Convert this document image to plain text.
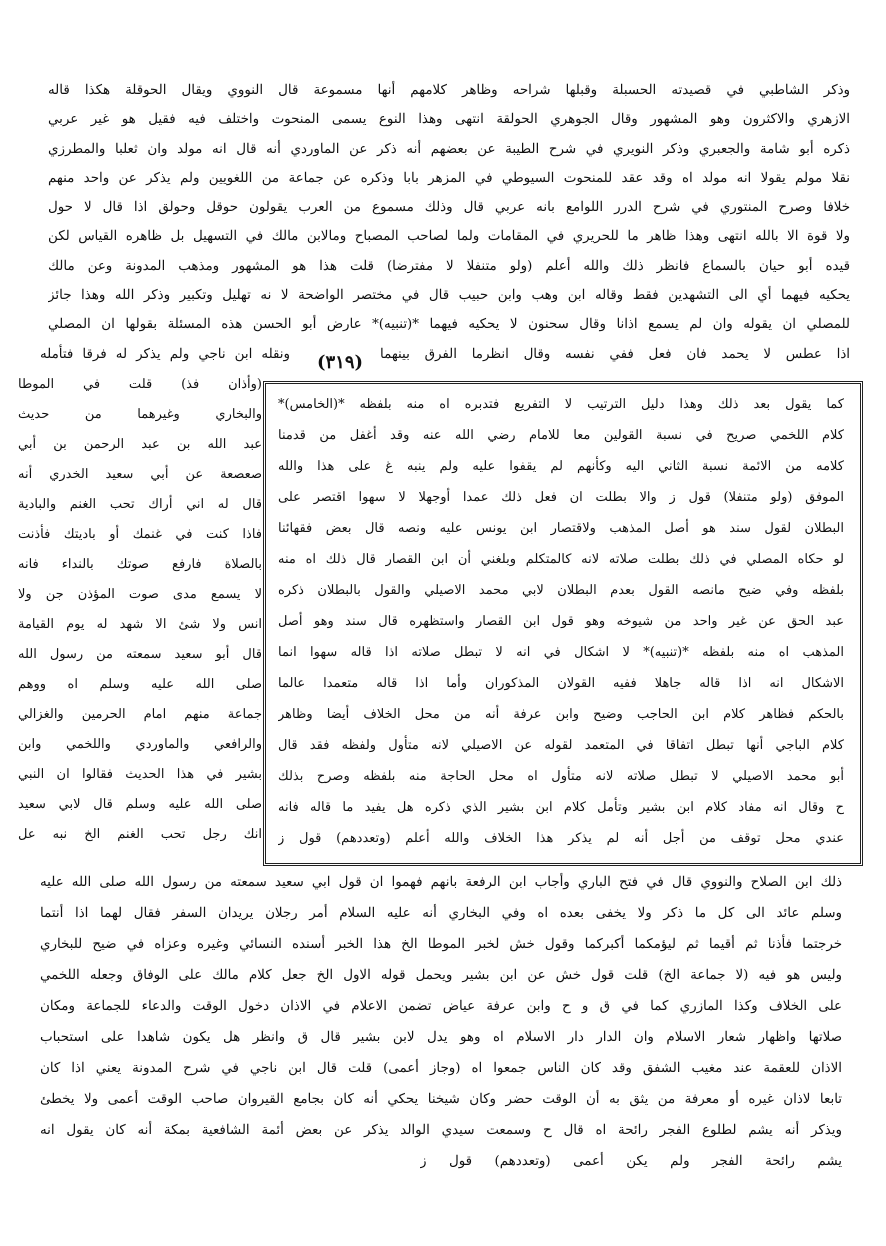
وذكر الشاطبي في قصيدته الحسبلة وقبلها شراحه وظاهر كلامهم أنها مسموعة قال النووي ويقال الحوقلة هكذا قاله
الازهري والاكثرون وهو المشهور وقال الجوهري الحولقة انتهى وهذا النوع يسمى المنحوت واختلف فيه فقيل هو غير عربي
ذكره أبو شامة والجعبري وذكر النويري في شرح الطيبة عن بعضهم أنه ذكر عن الماوردي أنه قال انه مولد وان ثعلبا والمطرزي
نقلا مولم يقولا انه مولد اه وقد عقد للمنحوت السيوطي في المزهر بابا وذكره عن جماعة من اللغويين ولم يذكر عن واحد منهم
خلافا وصرح المنتوري في شرح الدرر اللوامع بانه عربي قال وذلك مسموع من العرب يقولون حوقل وحولق اذا قال لا حول
ولا قوة الا بالله انتهى وهذا ظاهر ما للحريري في المقامات ولما لصاحب المصباح ومالابن مالك في التسهيل بل ظاهره القياس لكن
قيده أبو حيان بالسماع فانظر ذلك والله أعلم (ولو متنفلا لا مفترضا) قلت هذا هو المشهور ومذهب المدونة وعن مالك
يحكيه فيهما أي الى التشهدين فقط وقاله ابن وهب وابن حبيب قال في مختصر الواضحة لا نه تهليل وتكبير وذكر الله وهذا جائز
للمصلي ان يقوله وان لم يسمع اذانا وقال سحنون لا يحكيه فيهما *(تنبيه)* عارض أبو الحسن هذه المسئلة بقولها ان المصلي
اذا عطس لا يحمد فان فعل ففي نفسه وقال انظرما الفرق بينهما
ونقله ابن ناجي ولم يذكر له فرقا فتأمله	(٣١٩)
(وأذان فذ) قلت في الموطا
والبخاري وغيرهما من حديث
عبد الله بن عبد الرحمن بن أبي
صعصعة عن أبي سعيد الخدري أنه
قال له اني أراك تحب الغنم والبادية
فاذا كنت في غنمك أو باديتك فأذنت
بالصلاة فارفع صوتك بالنداء فانه
لا يسمع مدى صوت المؤذن جن ولا
انس ولا شئ الا شهد له يوم القيامة
قال أبو سعيد سمعته من رسول الله
صلى الله عليه وسلم اه ووهم
جماعة منهم امام الحرمين والغزالي
والرافعي والماوردي واللخمي وابن
بشير في هذا الحديث فقالوا ان النبي
صلى الله عليه وسلم قال لابي سعيد
انك رجل تحب الغنم الخ نبه عل
كما يقول بعد ذلك وهذا دليل الترتيب لا التفريع فتدبره اه منه بلفظه *(الخامس)*
كلام اللخمي صريح في نسبة القولين معا للامام رضي الله عنه وقد أغفل من قدمنا
كلامه من الائمة نسبة الثاني اليه وكأنهم لم يقفوا عليه ولم ينبه غ على هذا والله
الموفق (ولو متنفلا) قول ز والا بطلت ان فعل ذلك عمدا أوجهلا لا سهوا اقتصر على
البطلان لقول سند هو أصل المذهب ولاقتصار ابن يونس عليه ونصه قال بعض فقهائنا
لو حكاه المصلي في ذلك بطلت صلاته لانه كالمتكلم وبلغني أن ابن القصار قال ذلك اه منه
بلفظه وفي ضيح مانصه القول بعدم البطلان لابي محمد الاصيلي والقول بالبطلان ذكره
عبد الحق عن غير واحد من شيوخه وهو قول ابن القصار واستظهره قال سند وهو أصل
المذهب اه منه بلفظه *(تنبيه)* لا اشكال في انه لا تبطل صلاته اذا قاله سهوا انما
الاشكال انه اذا قاله جاهلا ففيه القولان المذكوران وأما اذا قاله متعمدا عالما
بالحكم فظاهر كلام ابن الحاجب وضيح وابن عرفة أنه من محل الخلاف أيضا وظاهر
كلام الباجي أنها تبطل اتفاقا في المتعمد لقوله عن الاصيلي لانه متأول ولفظه فقد قال
أبو محمد الاصيلي لا تبطل صلاته لانه متأول اه محل الحاجة منه بلفظه وصرح بذلك
ح وقال انه مفاد كلام ابن بشير وتأمل كلام ابن بشير الذي ذكره هل يفيد ما قاله فانه
عندي محل توقف من أجل أنه لم يذكر هذا الخلاف والله أعلم (وتعددهم) قول ز
ذلك ابن الصلاح والنووي قال في فتح الباري وأجاب ابن الرفعة بانهم فهموا ان قول ابي سعيد سمعته من رسول الله صلى الله عليه
وسلم عائد الى كل ما ذكر ولا يخفى بعده اه وفي البخاري أنه عليه السلام أمر رجلان يريدان السفر فقال لهما اذا أنتما
خرجتما فأذنا ثم أقيما ثم ليؤمكما أكبركما وقول خش لخبر الموطا الخ هذا الخبر أسنده النسائي وغيره وعزاه في ضيح للبخاري
وليس هو فيه (لا جماعة الخ) قلت قول خش عن ابن بشير ويحمل قوله الاول الخ جعل كلام مالك على الوفاق وجعله اللخمي
على الخلاف وكذا المازري كما في ق و ح وابن عرفة عياض تضمن الاعلام في الاذان دخول الوقت والدعاء للجماعة ومكان
صلاتها واظهار شعار الاسلام وان الدار دار الاسلام اه وهو يدل لابن بشير قال ق وانظر هل يكون شاهدا على استحباب
الاذان للعقمة عند مغيب الشفق وقد كان الناس جمعوا اه (وجاز أعمى) قلت قال ابن ناجي في شرح المدونة يعني اذا كان
تابعا لاذان غيره أو معرفة من يثق به أن الوقت حضر وكان شيخنا يحكي أنه كان بجامع القيروان صاحب الوقت أعمى ولا يخطئ
ويذكر أنه يشم لطلوع الفجر رائحة اه قال ح وسمعت سيدي الوالد يذكر عن بعض أئمة الشافعية بمكة أنه كان يقول انه
يشم رائحة الفجر ولم يكن أعمى (وتعددهم) قول ز
